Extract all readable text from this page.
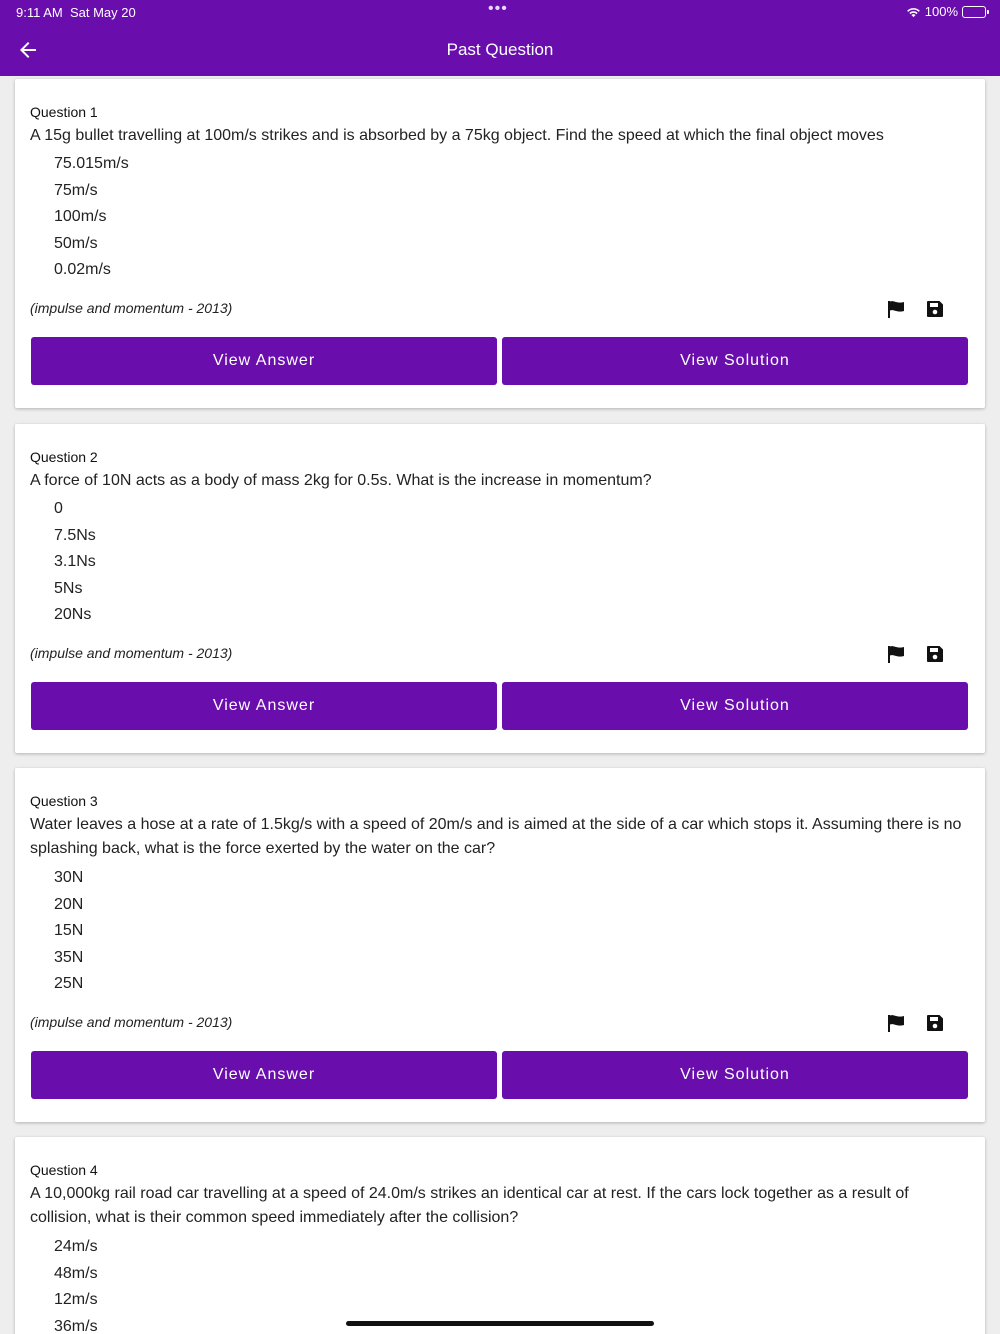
9:11 AM Sat May 20	•••	100%
Past Question
Question 1
A 15g bullet travelling at 100m/s strikes and is absorbed by a 75kg object. Find the speed at which the final object moves
75.015m/s
75m/s
100m/s
50m/s
0.02m/s
(impulse and momentum - 2013)
View Answer	View Solution
Question 2
A force of 10N acts as a body of mass 2kg for 0.5s. What is the increase in momentum?
0
7.5Ns
3.1Ns
5Ns
20Ns
(impulse and momentum - 2013)
View Answer	View Solution
Question 3
Water leaves a hose at a rate of 1.5kg/s with a speed of 20m/s and is aimed at the side of a car which stops it. Assuming there is no splashing back, what is the force exerted by the water on the car?
30N
20N
15N
35N
25N
(impulse and momentum - 2013)
View Answer	View Solution
Question 4
A 10,000kg rail road car travelling at a speed of 24.0m/s strikes an identical car at rest. If the cars lock together as a result of collision, what is their common speed immediately after the collision?
24m/s
48m/s
12m/s
36m/s
